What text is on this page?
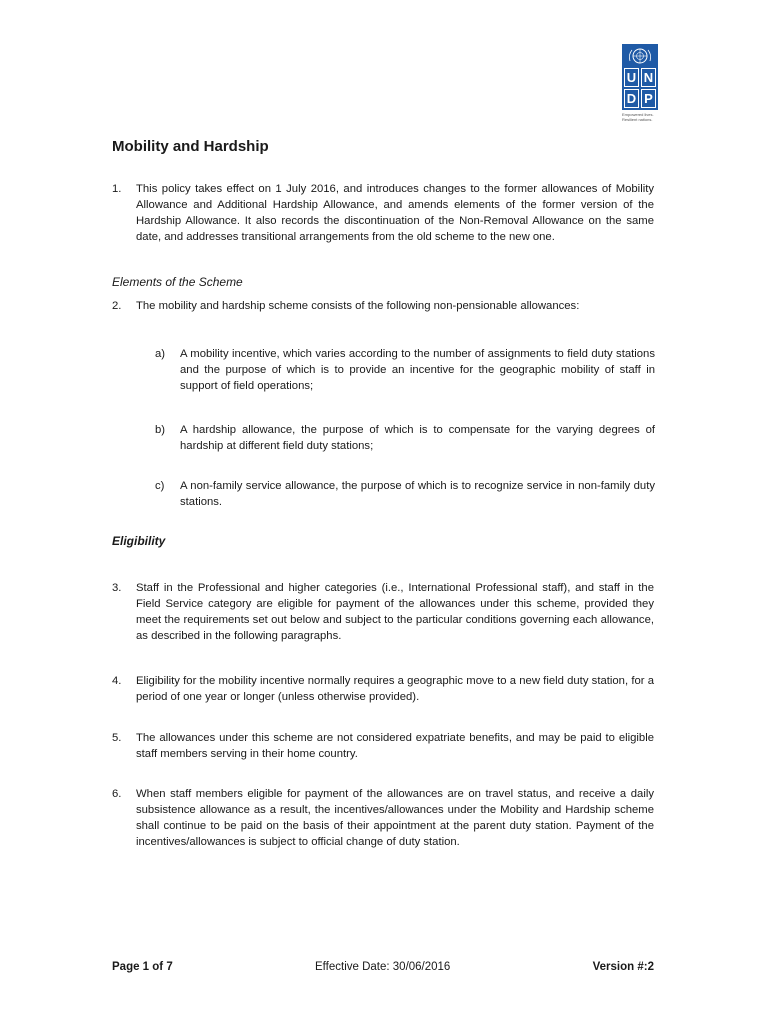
U N
D P
Empowered lives. Resilient nations.
Mobility and Hardship
1. This policy takes effect on 1 July 2016, and introduces changes to the former allowances of Mobility Allowance and Additional Hardship Allowance, and amends elements of the former version of the Hardship Allowance. It also records the discontinuation of the Non-Removal Allowance on the same date, and addresses transitional arrangements from the old scheme to the new one.
Elements of the Scheme
2. The mobility and hardship scheme consists of the following non-pensionable allowances:
a) A mobility incentive, which varies according to the number of assignments to field duty stations and the purpose of which is to provide an incentive for the geographic mobility of staff in support of field operations;
b) A hardship allowance, the purpose of which is to compensate for the varying degrees of hardship at different field duty stations;
c) A non-family service allowance, the purpose of which is to recognize service in non-family duty stations.
Eligibility
3. Staff in the Professional and higher categories (i.e., International Professional staff), and staff in the Field Service category are eligible for payment of the allowances under this scheme, provided they meet the requirements set out below and subject to the particular conditions governing each allowance, as described in the following paragraphs.
4. Eligibility for the mobility incentive normally requires a geographic move to a new field duty station, for a period of one year or longer (unless otherwise provided).
5. The allowances under this scheme are not considered expatriate benefits, and may be paid to eligible staff members serving in their home country.
6. When staff members eligible for payment of the allowances are on travel status, and receive a daily subsistence allowance as a result, the incentives/allowances under the Mobility and Hardship scheme shall continue to be paid on the basis of their appointment at the parent duty station. Payment of the incentives/allowances is subject to official change of duty station.
Page 1 of 7	Effective Date: 30/06/2016	Version #:2
